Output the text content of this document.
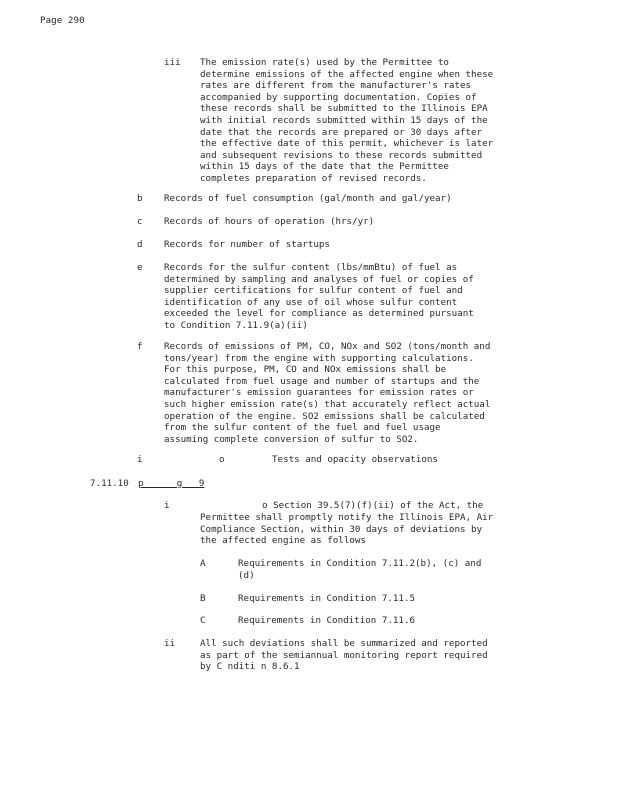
Page 290
iii The emission rate(s) used by the Permittee to
determine emissions of the affected engine when these
rates are different from the manufacturer's rates
accompanied by supporting documentation. Copies of
these records shall be submitted to the Illinois EPA
with initial records submitted within 15 days of the
date that the records are prepared or 30 days after
the effective date of this permit, whichever is later
and subsequent revisions to these records submitted
within 15 days of the date that the Permittee
completes preparation of revised records.
b Records of fuel consumption (gal/month and gal/year)
c Records of hours of operation (hrs/yr)
d Records for number of startups
e Records for the sulfur content (lbs/mmBtu) of fuel as
determined by sampling and analyses of fuel or copies of
supplier certifications for sulfur content of fuel and
identification of any use of oil whose sulfur content
exceeded the level for compliance as determined pursuant
to Condition 7.11.9(a)(ii)
f Records of emissions of PM, CO, NOx and SO2 (tons/month and
tons/year) from the engine with supporting calculations.
For this purpose, PM, CO and NOx emissions shall be
calculated from fuel usage and number of startups and the
manufacturer's emission guarantees for emission rates or
such higher emission rate(s) that accurately reflect actual
operation of the engine. SO2 emissions shall be calculated
from the sulfur content of the fuel and fuel usage
assuming complete conversion of sulfur to SO2.
i	o	Tests and opacity observations
7.11.10 p      g   9
i	o Section 39.5(7)(f)(ii) of the Act, the
Permittee shall promptly notify the Illinois EPA, Air
Compliance Section, within 30 days of deviations by
the affected engine as follows
A	Requirements in Condition 7.11.2(b), (c) and
(d)
B	Requirements in Condition 7.11.5
C	Requirements in Condition 7.11.6
ii	All such deviations shall be summarized and reported
as part of the semiannual monitoring report required
by C nditi n 8.6.1
